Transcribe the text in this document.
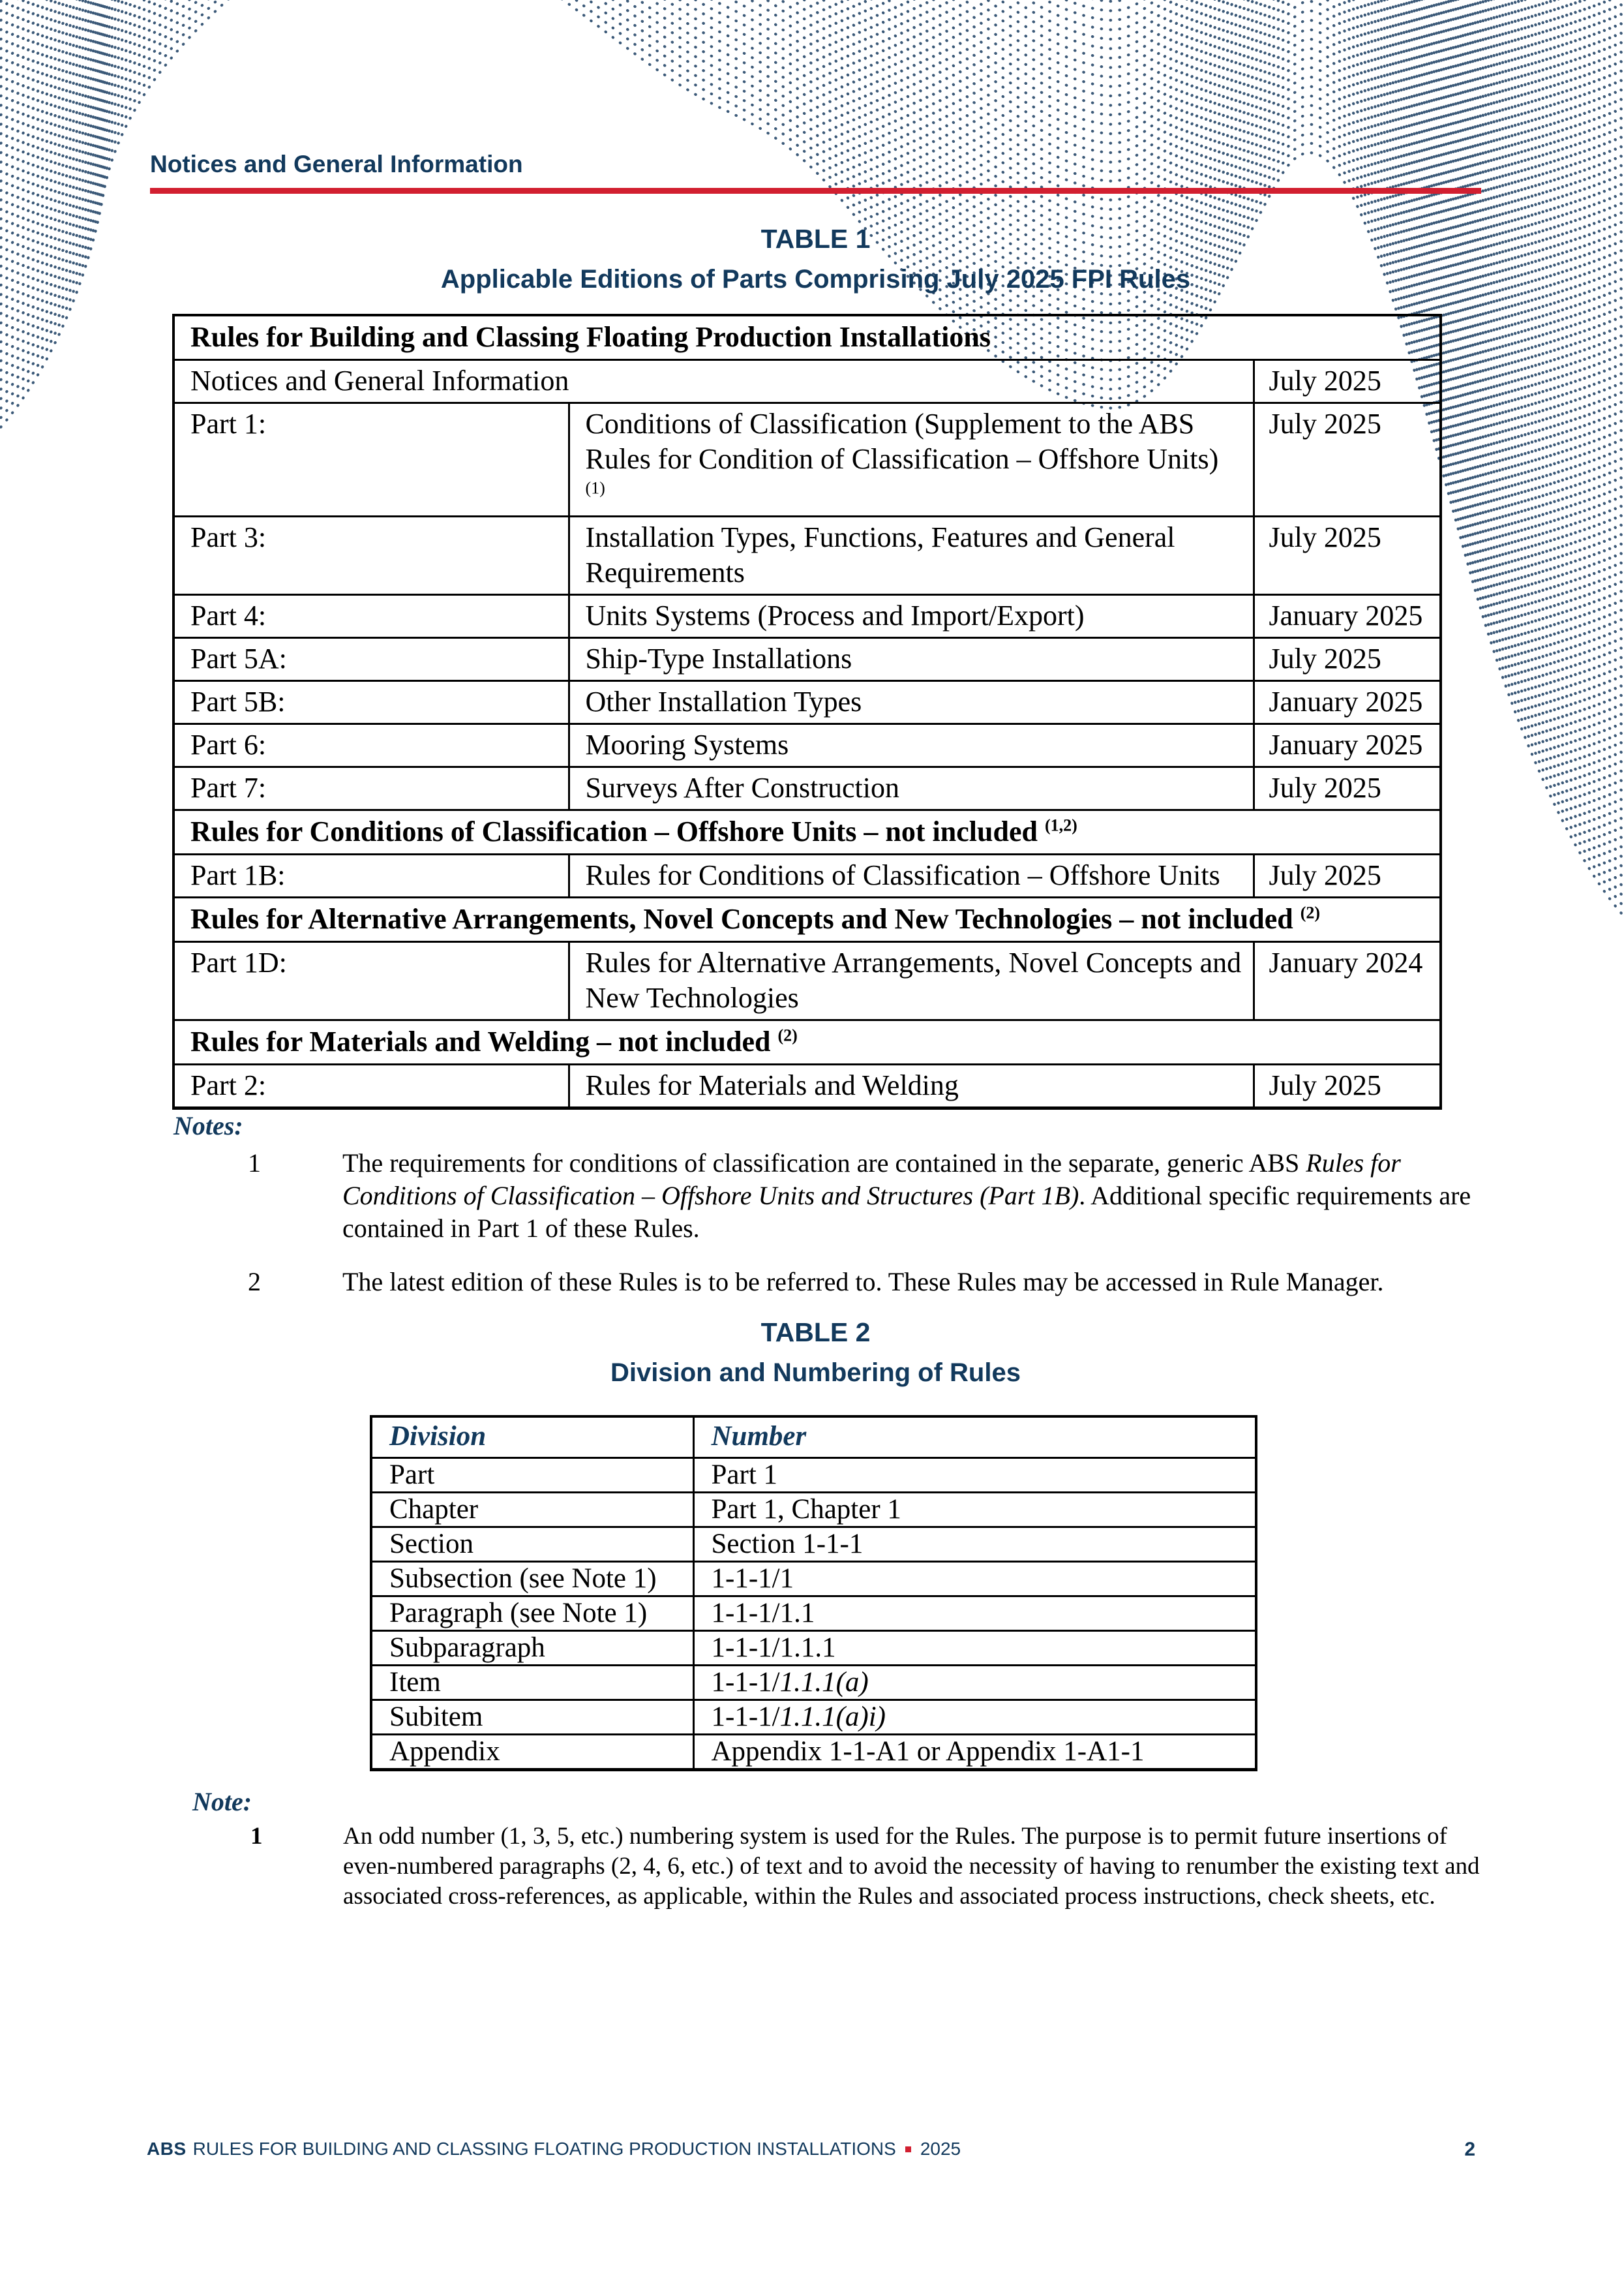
Notices and General Information
TABLE 1
Applicable Editions of Parts Comprising July 2025 FPI Rules
Rules for Building and Classing Floating Production Installations		
Notices and General Information		July 2025
Part 1:	Conditions of Classification (Supplement to the ABS Rules for Condition of Classification – Offshore Units) $^{(1)}$	July 2025
Part 3:	Installation Types, Functions, Features and General Requirements	July 2025
Part 4:	Units Systems (Process and Import/Export)	January 2025
Part 5A:	Ship-Type Installations	July 2025
Part 5B:	Other Installation Types	January 2025
Part 6:	Mooring Systems	January 2025
Part 7:	Surveys After Construction	July 2025
Rules for Conditions of Classification – Offshore Units – not included $^{(1,2)}$
Part 1B:	Rules for Conditions of Classification – Offshore Units	July 2025
Rules for Alternative Arrangements, Novel Concepts and New Technologies – not included $^{(2)}$
Part 1D:	Rules for Alternative Arrangements, Novel Concepts and New Technologies	January 2024
Rules for Materials and Welding – not included $^{(2)}$
Part 2:	Rules for Materials and Welding	July 2025
Notes:
1	The requirements for conditions of classification are contained in the separate, generic ABS Rules for Conditions of Classification – Offshore Units and Structures (Part 1B). Additional specific requirements are contained in Part 1 of these Rules.
2	The latest edition of these Rules is to be referred to. These Rules may be accessed in Rule Manager.
TABLE 2
Division and Numbering of Rules
Division	Number
Part	Part 1
Chapter	Part 1, Chapter 1
Section	Section 1-1-1
Subsection (see Note 1)	1-1-1/1
Paragraph (see Note 1)	1-1-1/1.1
Subparagraph	1-1-1/1.1.1
Item	1-1-1/1.1.1(a)
Subitem	1-1-1/1.1.1(a)i)
Appendix	Appendix 1-1-A1 or Appendix 1-A1-1
Note:
1	An odd number (1, 3, 5, etc.) numbering system is used for the Rules. The purpose is to permit future insertions of even-numbered paragraphs (2, 4, 6, etc.) of text and to avoid the necessity of having to renumber the existing text and associated cross-references, as applicable, within the Rules and associated process instructions, check sheets, etc.
ABS RULES FOR BUILDING AND CLASSING FLOATING PRODUCTION INSTALLATIONS 2025	2
